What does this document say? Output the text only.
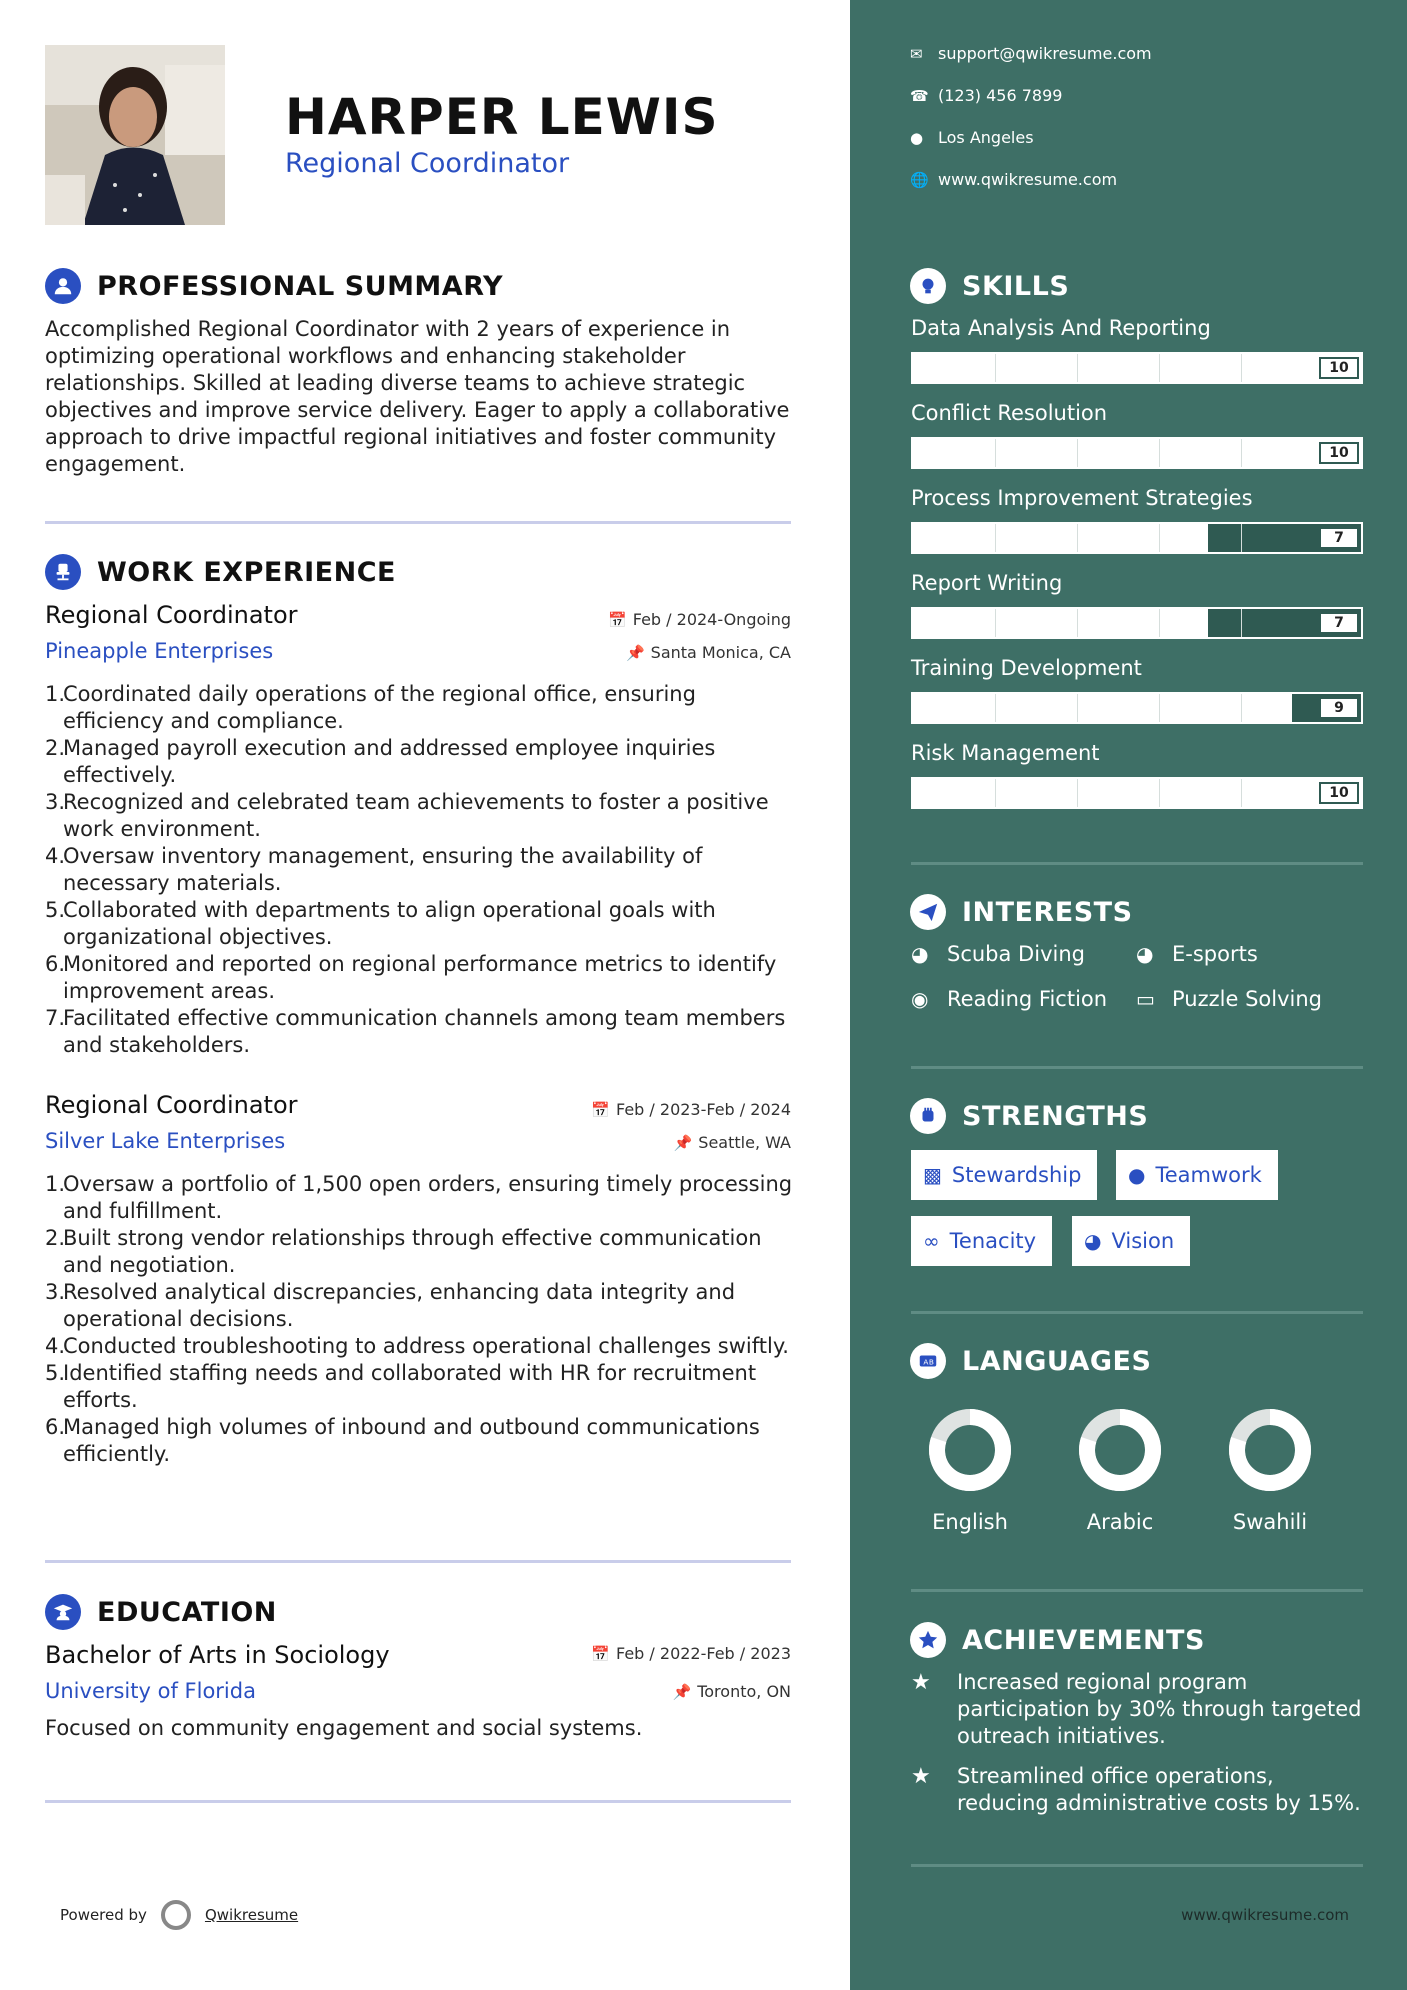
HARPER LEWIS
Regional Coordinator
PROFESSIONAL SUMMARY
Accomplished Regional Coordinator with 2 years of experience in optimizing operational workflows and enhancing stakeholder relationships. Skilled at leading diverse teams to achieve strategic objectives and improve service delivery. Eager to apply a collaborative approach to drive impactful regional initiatives and foster community engagement.
WORK EXPERIENCE
Regional Coordinator	📅 Feb / 2024-Ongoing
Pineapple Enterprises	📌 Santa Monica, CA
1.
Coordinated daily operations of the regional office, ensuring efficiency and compliance.
2.
Managed payroll execution and addressed employee inquiries effectively.
3.
Recognized and celebrated team achievements to foster a positive work environment.
4.
Oversaw inventory management, ensuring the availability of necessary materials.
5.
Collaborated with departments to align operational goals with organizational objectives.
6.
Monitored and reported on regional performance metrics to identify improvement areas.
7.
Facilitated effective communication channels among team members and stakeholders.
Regional Coordinator	📅 Feb / 2023-Feb / 2024
Silver Lake Enterprises	📌 Seattle, WA
1.
Oversaw a portfolio of 1,500 open orders, ensuring timely processing and fulfillment.
2.
Built strong vendor relationships through effective communication and negotiation.
3.
Resolved analytical discrepancies, enhancing data integrity and operational decisions.
4.
Conducted troubleshooting to address operational challenges swiftly.
5.
Identified staffing needs and collaborated with HR for recruitment efforts.
6.
Managed high volumes of inbound and outbound communications efficiently.
EDUCATION
Bachelor of Arts in Sociology	📅 Feb / 2022-Feb / 2023
University of Florida	📌 Toronto, ON
Focused on community engagement and social systems.
Powered by	Qwikresume
✉ support@qwikresume.com
☎ (123) 456 7899
● Los Angeles
🌐 www.qwikresume.com
SKILLS
Data Analysis And Reporting
10
Conflict Resolution
10
Process Improvement Strategies
7
Report Writing
7
Training Development
9
Risk Management
10
INTERESTS
◕ Scuba Diving	◕ E-sports
◉ Reading Fiction ▭ Puzzle Solving
STRENGTHS
▩ Stewardship ● Teamwork
∞ Tenacity ◕ Vision
A B LANGUAGES
English	Arabic	Swahili
ACHIEVEMENTS
★	Increased regional program participation by 30% through targeted outreach initiatives.
★	Streamlined office operations, reducing administrative costs by 15%.
www.qwikresume.com
